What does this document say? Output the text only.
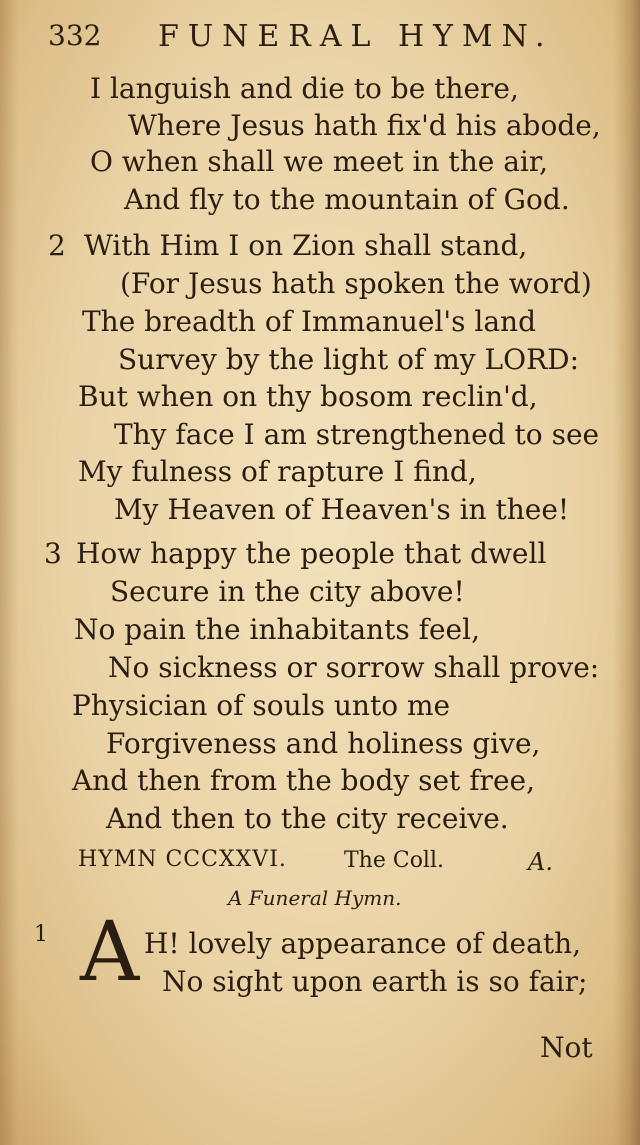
332 FUNERAL HYMN.
I languish and die to be there,
Where Jesus hath fix'd his abode,
O when shall we meet in the air,
And fly to the mountain of God.
2 With Him I on Zion shall stand,
(For Jesus hath spoken the word)
The breadth of Immanuel's land
Survey by the light of my LORD:
But when on thy bosom reclin'd,
Thy face I am strengthened to see
My fulness of rapture I find,
My Heaven of Heaven's in thee!
3 How happy the people that dwell
Secure in the city above!
No pain the inhabitants feel,
No sickness or sorrow shall prove:
Physician of souls unto me
Forgiveness and holiness give,
And then from the body set free,
And then to the city receive.
HYMN CCCXXVI.	The Coll.	A.
A Funeral Hymn.
1 A H! lovely appearance of death,
No sight upon earth is so fair;
Not
